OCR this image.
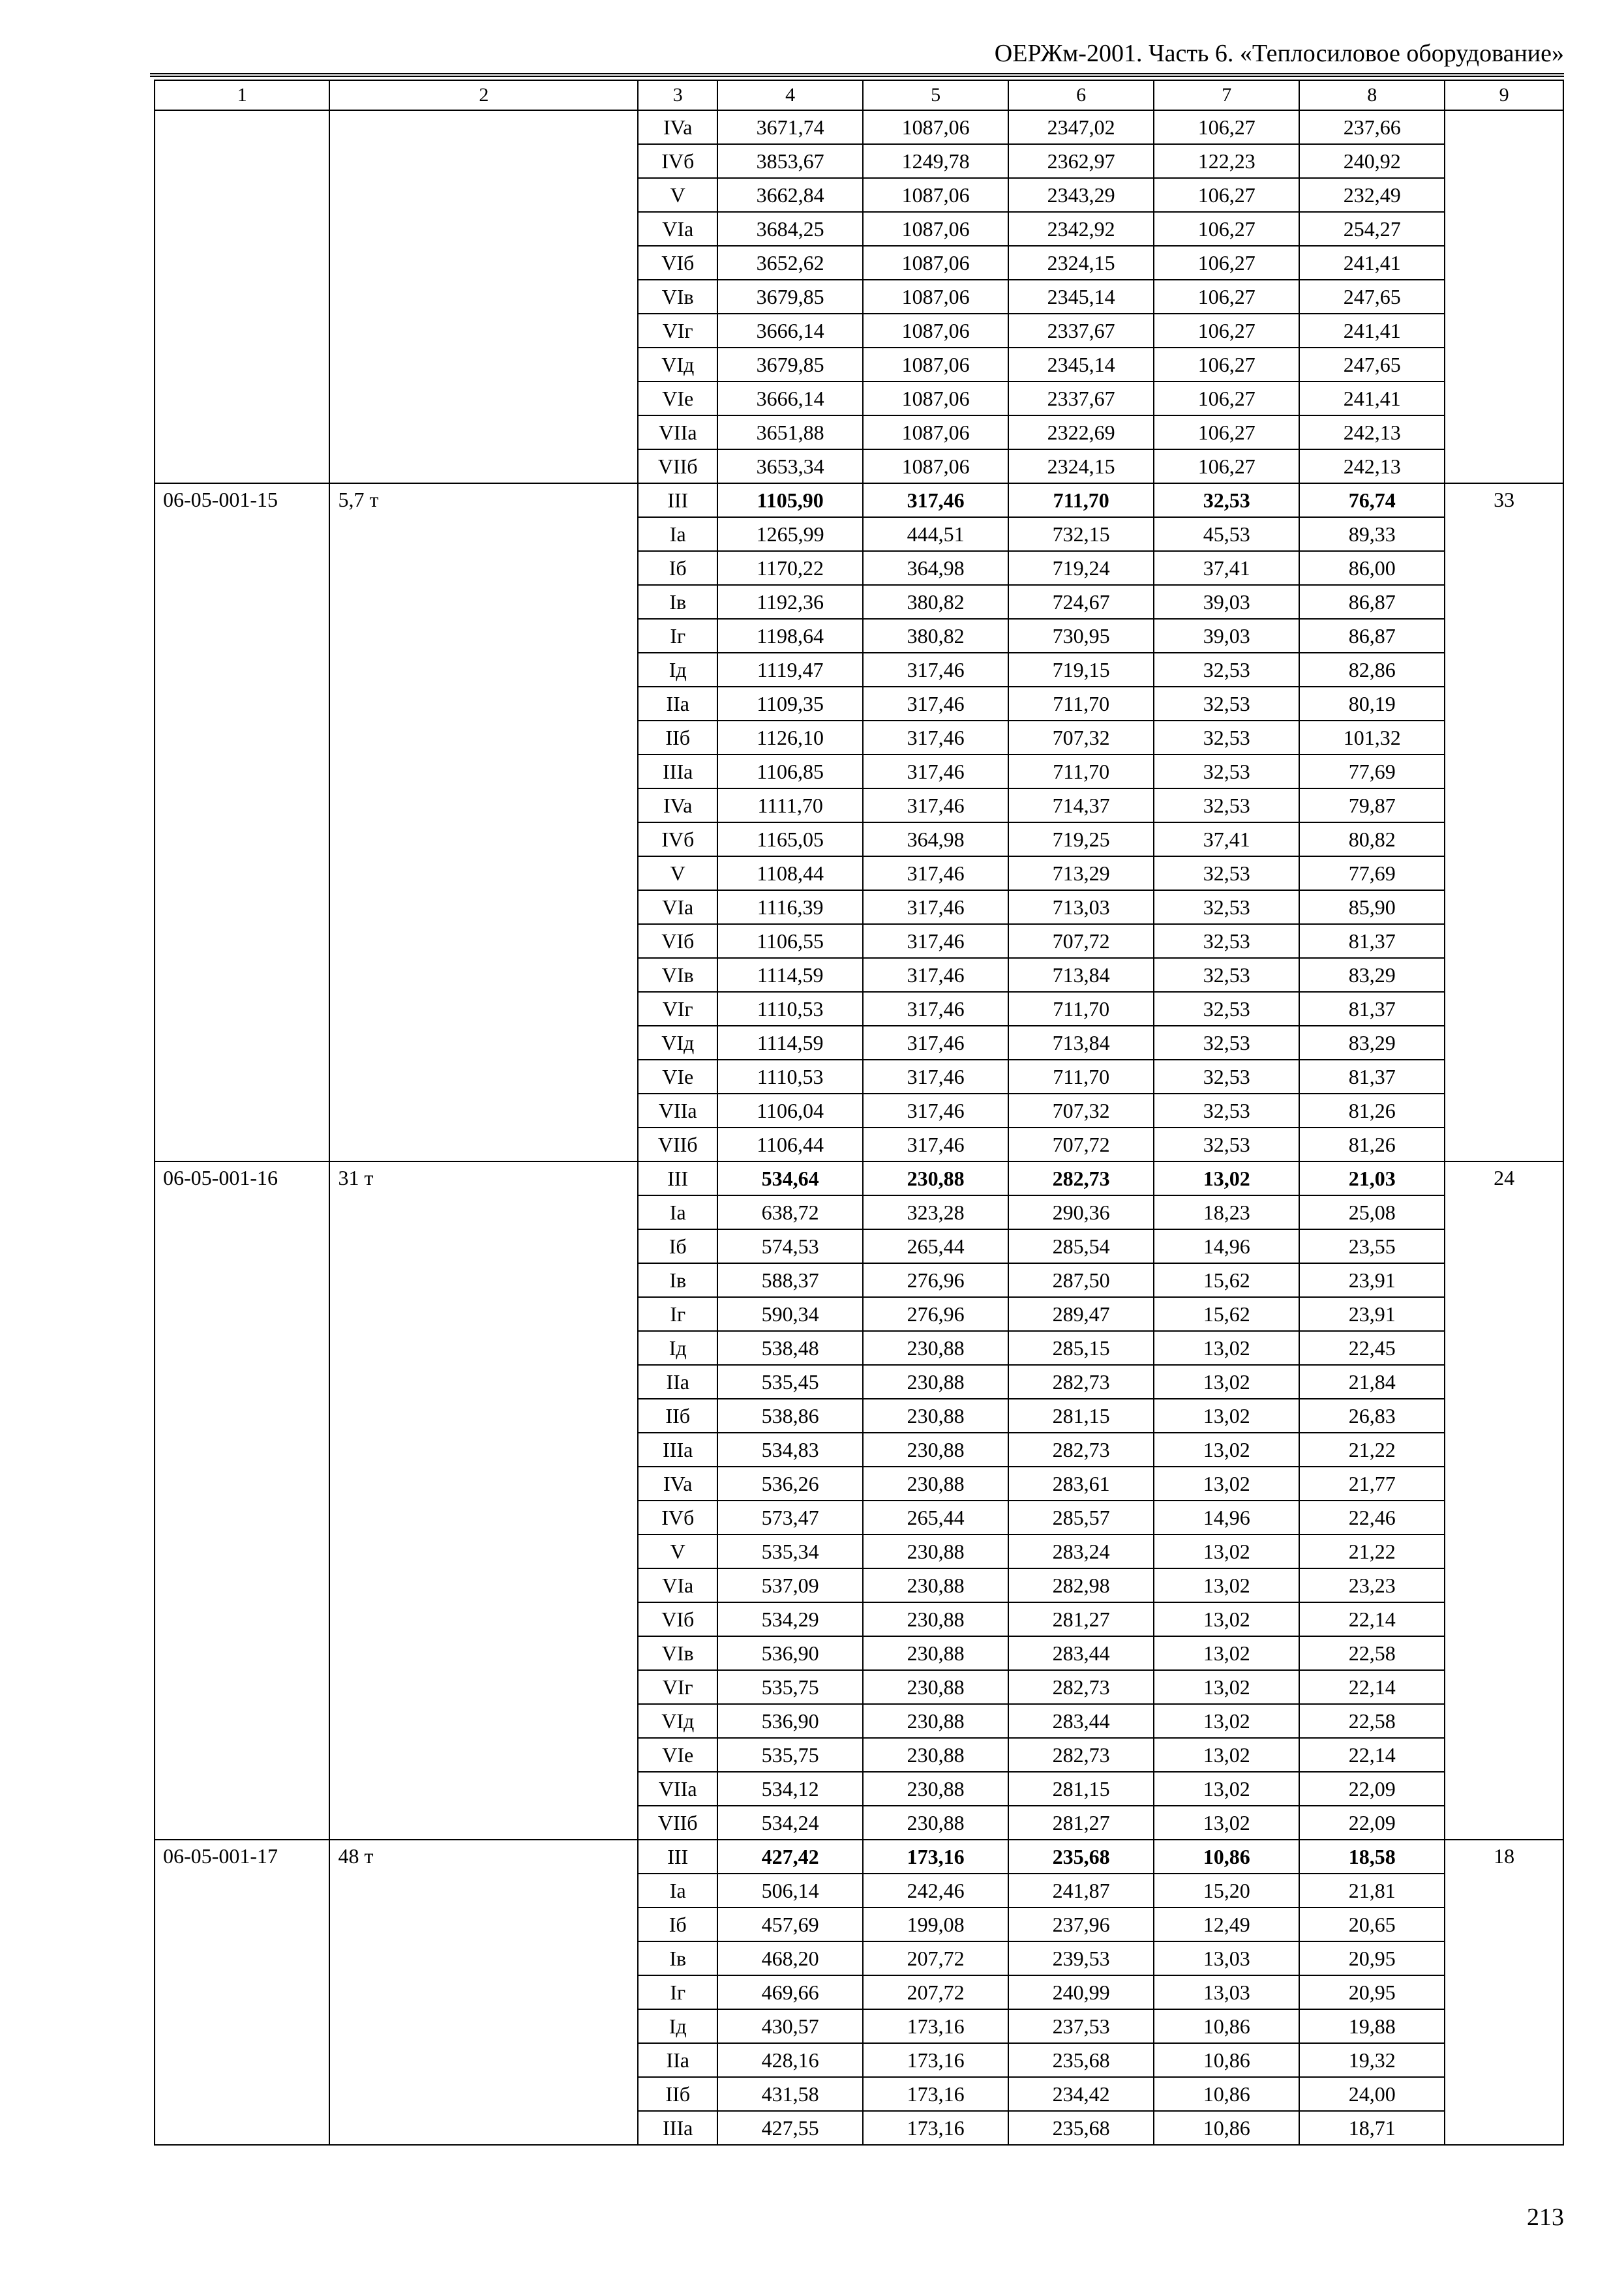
ОЕРЖм-2001. Часть 6. «Теплосиловое оборудование»
1	2	3	4	5	6	7	8	9
		IVa	3671,74	1087,06	2347,02	106,27	237,66	
		IVб	3853,67	1249,78	2362,97	122,23	240,92	
		V	3662,84	1087,06	2343,29	106,27	232,49	
		VIa	3684,25	1087,06	2342,92	106,27	254,27	
		VIб	3652,62	1087,06	2324,15	106,27	241,41	
		VIв	3679,85	1087,06	2345,14	106,27	247,65	
		VIг	3666,14	1087,06	2337,67	106,27	241,41	
		VIд	3679,85	1087,06	2345,14	106,27	247,65	
		VIe	3666,14	1087,06	2337,67	106,27	241,41	
		VIIa	3651,88	1087,06	2322,69	106,27	242,13	
		VIIб	3653,34	1087,06	2324,15	106,27	242,13	
06-05-001-15	5,7 т	III	1105,90	317,46	711,70	32,53	76,74	33
		Ia	1265,99	444,51	732,15	45,53	89,33	
		Iб	1170,22	364,98	719,24	37,41	86,00	
		Iв	1192,36	380,82	724,67	39,03	86,87	
		Iг	1198,64	380,82	730,95	39,03	86,87	
		Iд	1119,47	317,46	719,15	32,53	82,86	
		IIa	1109,35	317,46	711,70	32,53	80,19	
		IIб	1126,10	317,46	707,32	32,53	101,32	
		IIIa	1106,85	317,46	711,70	32,53	77,69	
		IVa	1111,70	317,46	714,37	32,53	79,87	
		IVб	1165,05	364,98	719,25	37,41	80,82	
		V	1108,44	317,46	713,29	32,53	77,69	
		VIa	1116,39	317,46	713,03	32,53	85,90	
		VIб	1106,55	317,46	707,72	32,53	81,37	
		VIв	1114,59	317,46	713,84	32,53	83,29	
		VIг	1110,53	317,46	711,70	32,53	81,37	
		VIд	1114,59	317,46	713,84	32,53	83,29	
		VIe	1110,53	317,46	711,70	32,53	81,37	
		VIIa	1106,04	317,46	707,32	32,53	81,26	
		VIIб	1106,44	317,46	707,72	32,53	81,26	
06-05-001-16	31 т	III	534,64	230,88	282,73	13,02	21,03	24
		Ia	638,72	323,28	290,36	18,23	25,08	
		Iб	574,53	265,44	285,54	14,96	23,55	
		Iв	588,37	276,96	287,50	15,62	23,91	
		Iг	590,34	276,96	289,47	15,62	23,91	
		Iд	538,48	230,88	285,15	13,02	22,45	
		IIa	535,45	230,88	282,73	13,02	21,84	
		IIб	538,86	230,88	281,15	13,02	26,83	
		IIIa	534,83	230,88	282,73	13,02	21,22	
		IVa	536,26	230,88	283,61	13,02	21,77	
		IVб	573,47	265,44	285,57	14,96	22,46	
		V	535,34	230,88	283,24	13,02	21,22	
		VIa	537,09	230,88	282,98	13,02	23,23	
		VIб	534,29	230,88	281,27	13,02	22,14	
		VIв	536,90	230,88	283,44	13,02	22,58	
		VIг	535,75	230,88	282,73	13,02	22,14	
		VIд	536,90	230,88	283,44	13,02	22,58	
		VIe	535,75	230,88	282,73	13,02	22,14	
		VIIa	534,12	230,88	281,15	13,02	22,09	
		VIIб	534,24	230,88	281,27	13,02	22,09	
06-05-001-17	48 т	III	427,42	173,16	235,68	10,86	18,58	18
		Ia	506,14	242,46	241,87	15,20	21,81	
		Iб	457,69	199,08	237,96	12,49	20,65	
		Iв	468,20	207,72	239,53	13,03	20,95	
		Iг	469,66	207,72	240,99	13,03	20,95	
		Iд	430,57	173,16	237,53	10,86	19,88	
		IIa	428,16	173,16	235,68	10,86	19,32	
		IIб	431,58	173,16	234,42	10,86	24,00	
		IIIa	427,55	173,16	235,68	10,86	18,71	
213
